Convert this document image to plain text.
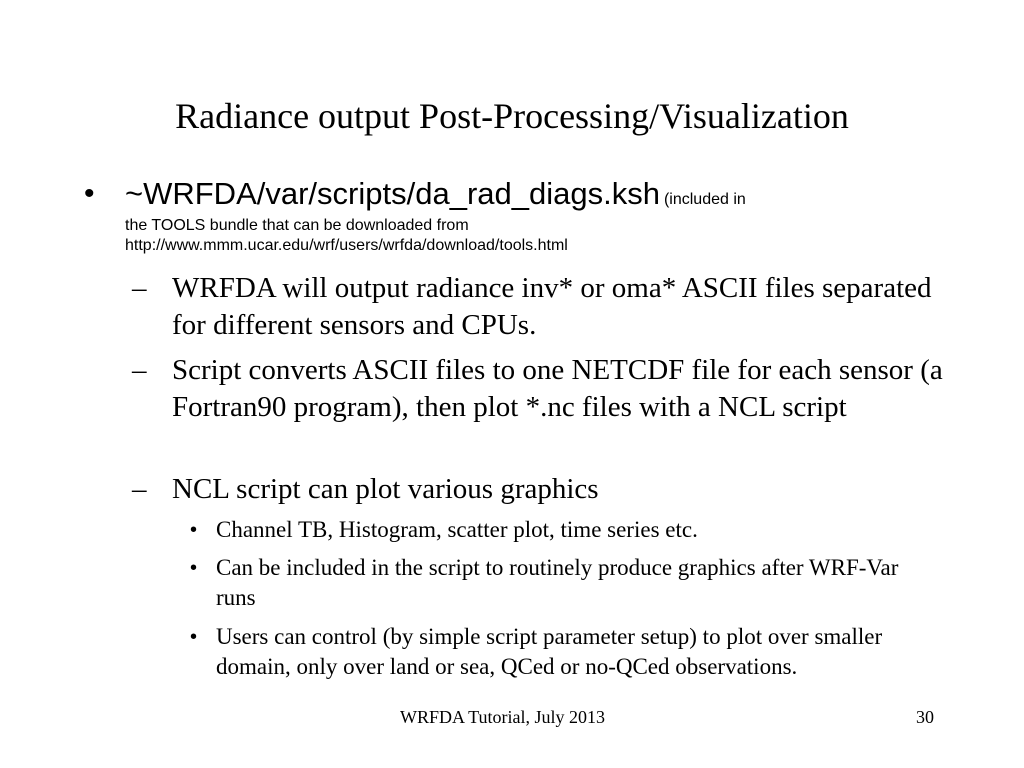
Radiance output Post-Processing/Visualization
• ~WRFDA/var/scripts/da_rad_diags.ksh (included in
the TOOLS bundle that can be downloaded from
http://www.mmm.ucar.edu/wrf/users/wrfda/download/tools.html
– WRFDA will output radiance inv* or oma* ASCII files separated for different sensors and CPUs.
– Script converts ASCII files to one NETCDF file for each sensor (a Fortran90 program), then plot *.nc files with a NCL script
– NCL script can plot various graphics
• Channel TB, Histogram, scatter plot, time series etc.
• Can be included in the script to routinely produce graphics after WRF-Var runs
• Users can control (by simple script parameter setup) to plot over smaller domain, only over land or sea, QCed or no-QCed observations.
WRFDA Tutorial, July 2013	30
